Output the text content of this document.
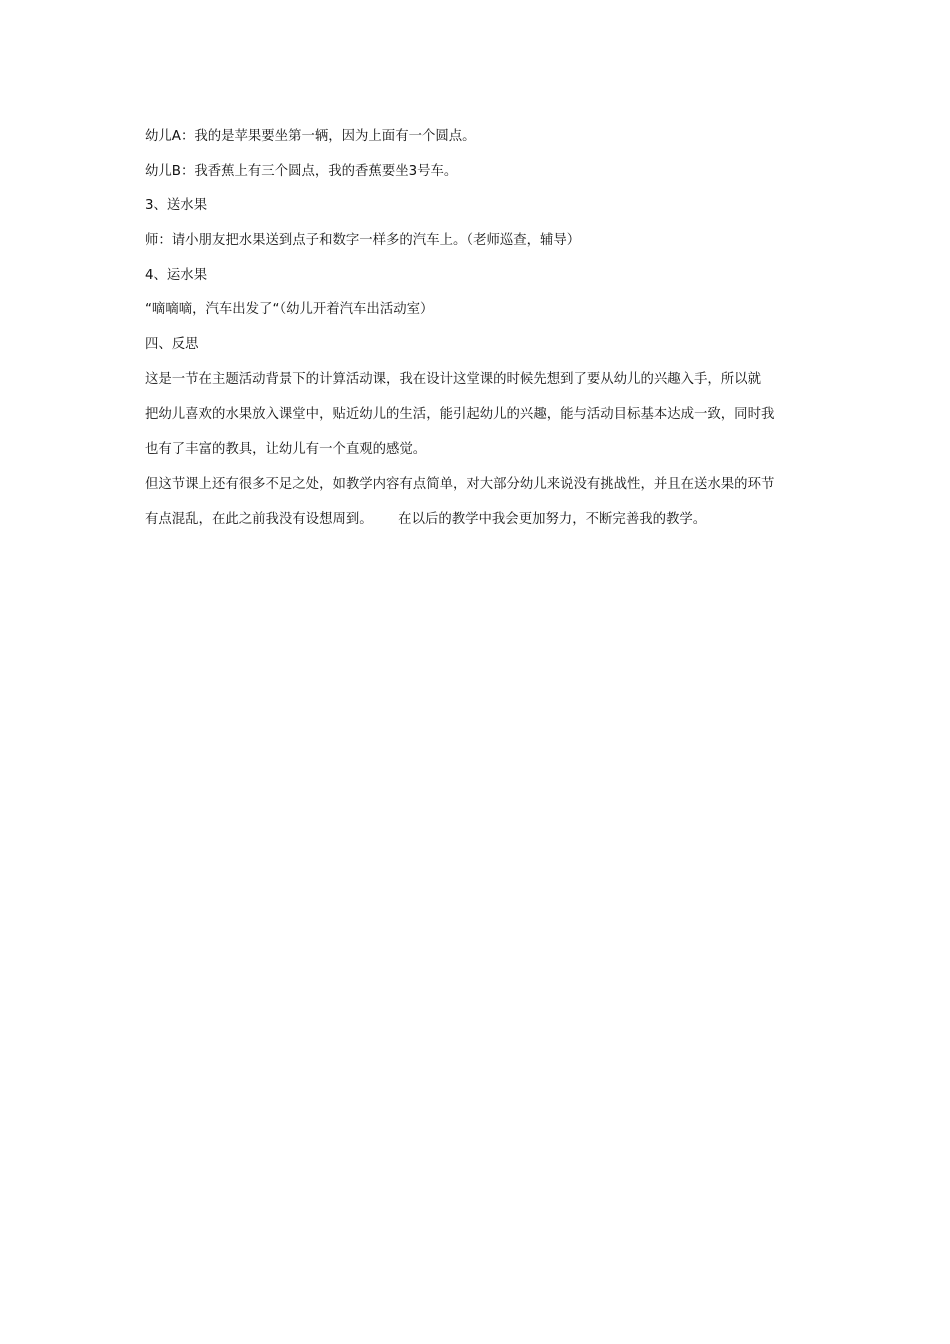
幼儿A：我的是苹果要坐第一辆，因为上面有一个圆点。

幼儿B：我香蕉上有三个圆点，我的香蕉要坐3号车。

3、送水果

师：请小朋友把水果送到点子和数字一样多的汽车上。（老师巡查，辅导）

4、运水果

“嘀嘀嘀，汽车出发了“（幼儿开着汽车出活动室）

四、反思

这是一节在主题活动背景下的计算活动课，我在设计这堂课的时候先想到了要从幼儿的兴趣入手，所以就

把幼儿喜欢的水果放入课堂中，贴近幼儿的生活，能引起幼儿的兴趣，能与活动目标基本达成一致，同时我

也有了丰富的教具，让幼儿有一个直观的感觉。

但这节课上还有很多不足之处，如教学内容有点简单，对大部分幼儿来说没有挑战性，并且在送水果的环节

有点混乱，在此之前我没有设想周到。      在以后的教学中我会更加努力，不断完善我的教学。
